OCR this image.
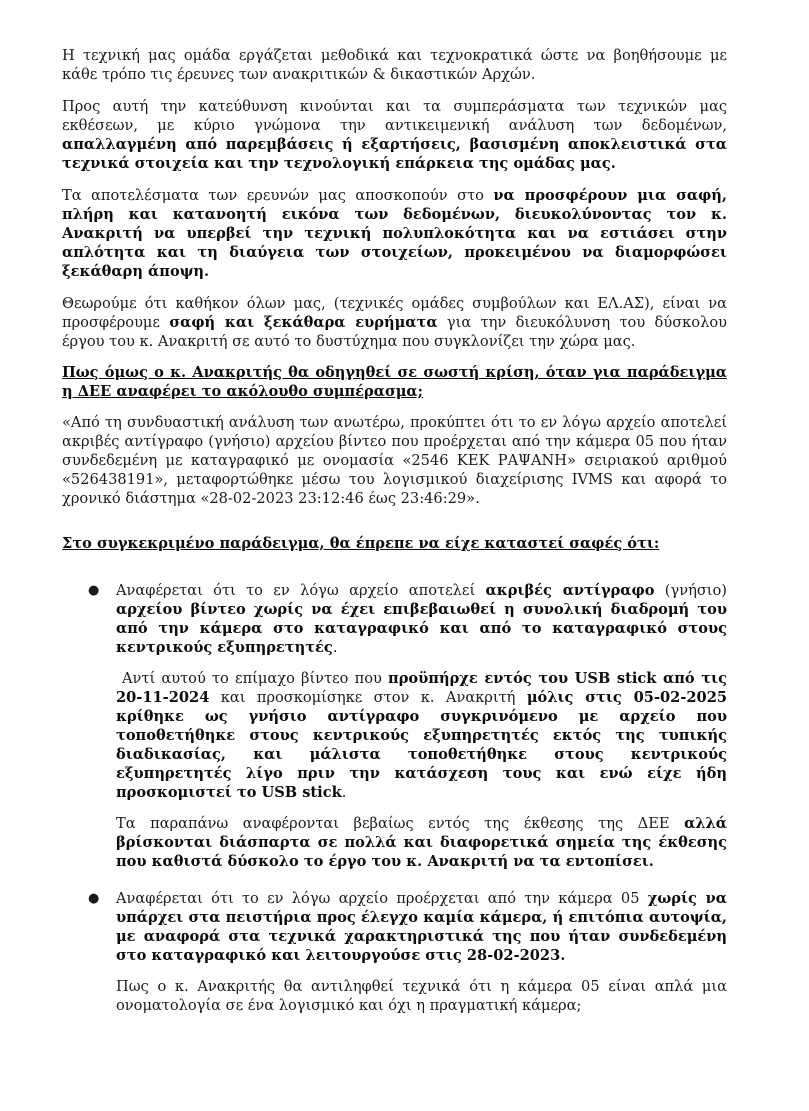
Η τεχνική μας ομάδα εργάζεται μεθοδικά και τεχνοκρατικά ώστε να βοηθήσουμε με κάθε τρόπο τις έρευνες των ανακριτικών & δικαστικών Αρχών.

Προς αυτή την κατεύθυνση κινούνται και τα συμπεράσματα των τεχνικών μας εκθέσεων, με κύριο γνώμονα την αντικειμενική ανάλυση των δεδομένων, απαλλαγμένη από παρεμβάσεις ή εξαρτήσεις, βασισμένη αποκλειστικά στα τεχνικά στοιχεία και την τεχνολογική επάρκεια της ομάδας μας.

Τα αποτελέσματα των ερευνών μας αποσκοπούν στο να προσφέρουν μια σαφή, πλήρη και κατανοητή εικόνα των δεδομένων, διευκολύνοντας τον κ. Ανακριτή να υπερβεί την τεχνική πολυπλοκότητα και να εστιάσει στην απλότητα και τη διαύγεια των στοιχείων, προκειμένου να διαμορφώσει ξεκάθαρη άποψη.

Θεωρούμε ότι καθήκον όλων μας, (τεχνικές ομάδες συμβούλων και ΕΛ.ΑΣ), είναι να προσφέρουμε σαφή και ξεκάθαρα ευρήματα για την διευκόλυνση του δύσκολου έργου του κ. Ανακριτή σε αυτό το δυστύχημα που συγκλονίζει την χώρα μας.

Πως όμως ο κ. Ανακριτής θα οδηγηθεί σε σωστή κρίση, όταν για παράδειγμα η ΔΕΕ αναφέρει το ακόλουθο συμπέρασμα;

«Από τη συνδυαστική ανάλυση των ανωτέρω, προκύπτει ότι το εν λόγω αρχείο αποτελεί ακριβές αντίγραφο (γνήσιο) αρχείου βίντεο που προέρχεται από την κάμερα 05 που ήταν συνδεδεμένη με καταγραφικό με ονομασία «2546 ΚΕΚ ΡΑΨΑΝΗ» σειριακού αριθμού «526438191», μεταφορτώθηκε μέσω του λογισμικού διαχείρισης IVMS και αφορά το χρονικό διάστημα «28-02-2023 23:12:46 έως 23:46:29».

Στο συγκεκριμένο παράδειγμα, θα έπρεπε να είχε καταστεί σαφές ότι:

● Αναφέρεται ότι το εν λόγω αρχείο αποτελεί ακριβές αντίγραφο (γνήσιο) αρχείου βίντεο χωρίς να έχει επιβεβαιωθεί η συνολική διαδρομή του από την κάμερα στο καταγραφικό και από το καταγραφικό στους κεντρικούς εξυπηρετητές.

Αντί αυτού το επίμαχο βίντεο που προϋπήρχε εντός του USB stick από τις 20-11-2024 και προσκομίσηκε στον κ. Ανακριτή μόλις στις 05-02-2025 κρίθηκε ως γνήσιο αντίγραφο συγκρινόμενο με αρχείο που τοποθετήθηκε στους κεντρικούς εξυπηρετητές εκτός της τυπικής διαδικασίας, και μάλιστα τοποθετήθηκε στους κεντρικούς εξυπηρετητές λίγο πριν την κατάσχεση τους και ενώ είχε ήδη προσκομιστεί το USB stick.

Τα παραπάνω αναφέρονται βεβαίως εντός της έκθεσης της ΔΕΕ αλλά βρίσκονται διάσπαρτα σε πολλά και διαφορετικά σημεία της έκθεσης που καθιστά δύσκολο το έργο του κ. Ανακριτή να τα εντοπίσει.

● Αναφέρεται ότι το εν λόγω αρχείο προέρχεται από την κάμερα 05 χωρίς να υπάρχει στα πειστήρια προς έλεγχο καμία κάμερα, ή επιτόπια αυτοψία, με αναφορά στα τεχνικά χαρακτηριστικά της που ήταν συνδεδεμένη στο καταγραφικό και λειτουργούσε στις 28-02-2023.

Πως ο κ. Ανακριτής θα αντιληφθεί τεχνικά ότι η κάμερα 05 είναι απλά μια ονοματολογία σε ένα λογισμικό και όχι η πραγματική κάμερα;
